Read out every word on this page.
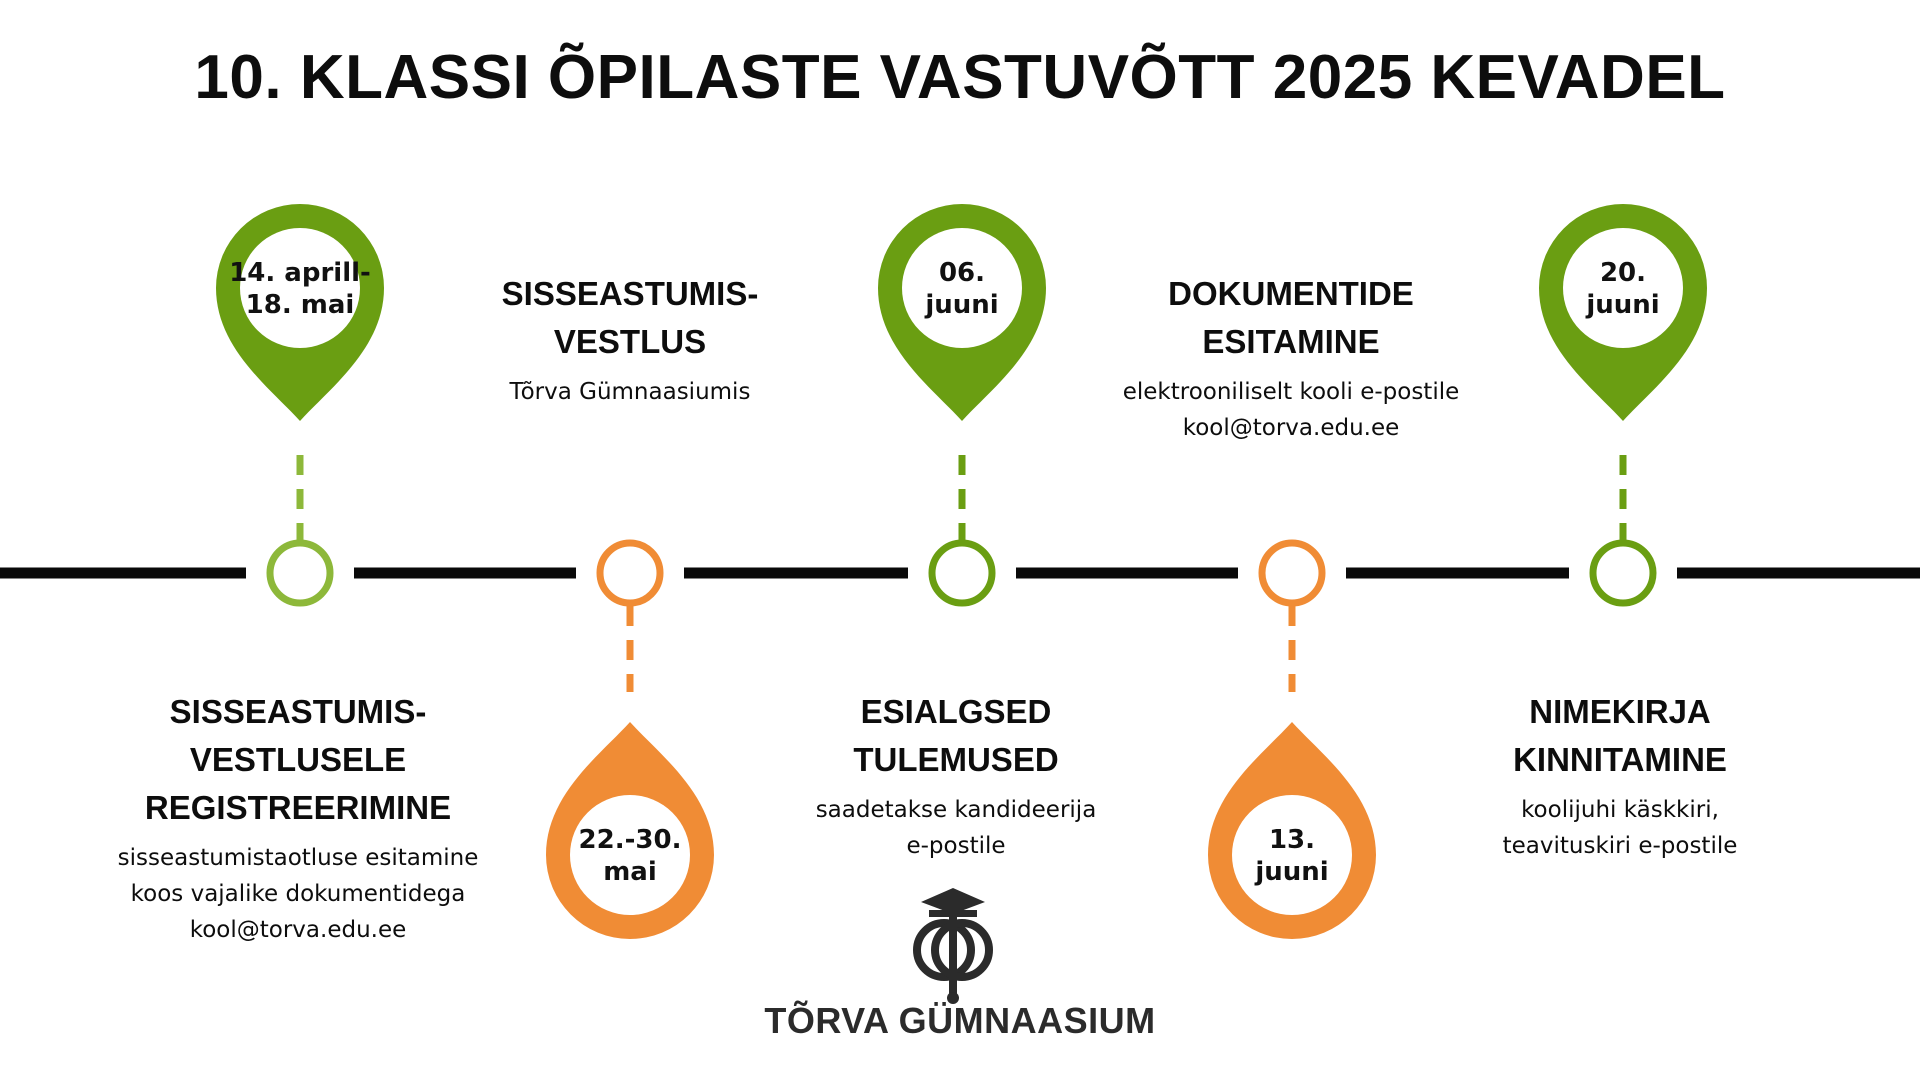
10. KLASSI ÕPILASTE VASTUVÕTT 2025 KEVADEL
14. aprill-
18. mai
22.-30.
mai
06.
juuni
13.
juuni
20.
juuni
SISSEASTUMIS-
VESTLUSELE
REGISTREERIMINE
sisseastumistaotluse esitamine
koos vajalike dokumentidega
kool@torva.edu.ee
SISSEASTUMIS-
VESTLUS
Tõrva Gümnaasiumis
ESIALGSED
TULEMUSED
saadetakse kandideerija
e-postile
DOKUMENTIDE
ESITAMINE
elektrooniliselt kooli e-postile
kool@torva.edu.ee
NIMEKIRJA
KINNITAMINE
koolijuhi käskkiri,
teavituskiri e-postile
TÕRVA GÜMNAASIUM
